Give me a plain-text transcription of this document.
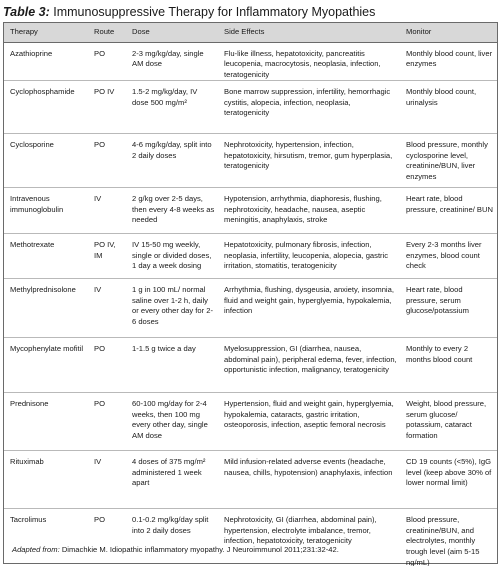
Table 3: Immunosuppressive Therapy for Inflammatory Myopathies
Therapy	Route	Dose	Side Effects	Monitor
Azathioprine	PO	2-3 mg/kg/day, single AM dose	Flu-like illness, hepatotoxicity, pancreatitis leucopenia, macrocytosis, neoplasia, infection, teratogenicity	Monthly blood count, liver enzymes
Cyclophosphamide	PO IV	1.5-2 mg/kg/day, IV dose 500 mg/m²	Bone marrow suppression, infertility, hemorrhagic cystitis, alopecia, infection, neoplasia, teratogenicity	Monthly blood count, urinalysis
Cyclosporine	PO	4-6 mg/kg/day, split into 2 daily doses	Nephrotoxicity, hypertension, infection, hepatotoxicity, hirsutism, tremor, gum hyperplasia, teratogenicity	Blood pressure, monthly cyclosporine level, creatinine/BUN, liver enzymes
Intravenous immunoglobulin	IV	2 g/kg over 2-5 days, then every 4-8 weeks as needed	Hypotension, arrhythmia, diaphoresis, flushing, nephrotoxicity, headache, nausea, aseptic meningitis, anaphylaxis, stroke	Heart rate, blood pressure, creatinine/ BUN
Methotrexate	PO IV, IM	IV 15-50 mg weekly, single or divided doses, 1 day a week dosing	Hepatotoxicity, pulmonary fibrosis, infection, neoplasia, infertility, leucopenia, alopecia, gastric irritation, stomatitis, teratogenicity	Every 2-3 months liver enzymes, blood count check
Methylprednisolone	IV	1 g in 100 mL/ normal saline over 1-2 h, daily or every other day for 2-6 doses	Arrhythmia, flushing, dysgeusia, anxiety, insomnia, fluid and weight gain, hyperglyemia, hypokalemia, infection	Heart rate, blood pressure, serum glucose/potassium
Mycophenylate mofitil	PO	1-1.5 g twice a day	Myelosuppression, GI (diarrhea, nausea, abdominal pain), peripheral edema, fever, infection, opportunistic infection, malignancy, teratogenicity	Monthly to every 2 months blood count
Prednisone	PO	60-100 mg/day for 2-4 weeks, then 100 mg every other day, single AM dose	Hypertension, fluid and weight gain, hyperglyemia, hypokalemia, cataracts, gastric irritation, osteoporosis, infection, aseptic femoral necrosis	Weight, blood pressure, serum glucose/ potassium, cataract formation
Rituximab	IV	4 doses of 375 mg/m² administered 1 week apart	Mild infusion-related adverse events (headache, nausea, chills, hypotension) anaphylaxis, infection	CD 19 counts (<5%), IgG level (keep above 30% of lower normal limit)
Tacrolimus	PO	0.1-0.2 mg/kg/day split into 2 daily doses	Nephrotoxicity, GI (diarrhea, abdominal pain), hypertension, electrolyte imbalance, tremor, infection, hepatotoxicity, teratogenicity	Blood pressure, creatinine/BUN, and electrolytes, monthly trough level (aim 5-15 ng/mL)
Adapted from: Dimachkie M. Idiopathic inflammatory myopathy. J Neuroimmunol 2011;231:32-42.
